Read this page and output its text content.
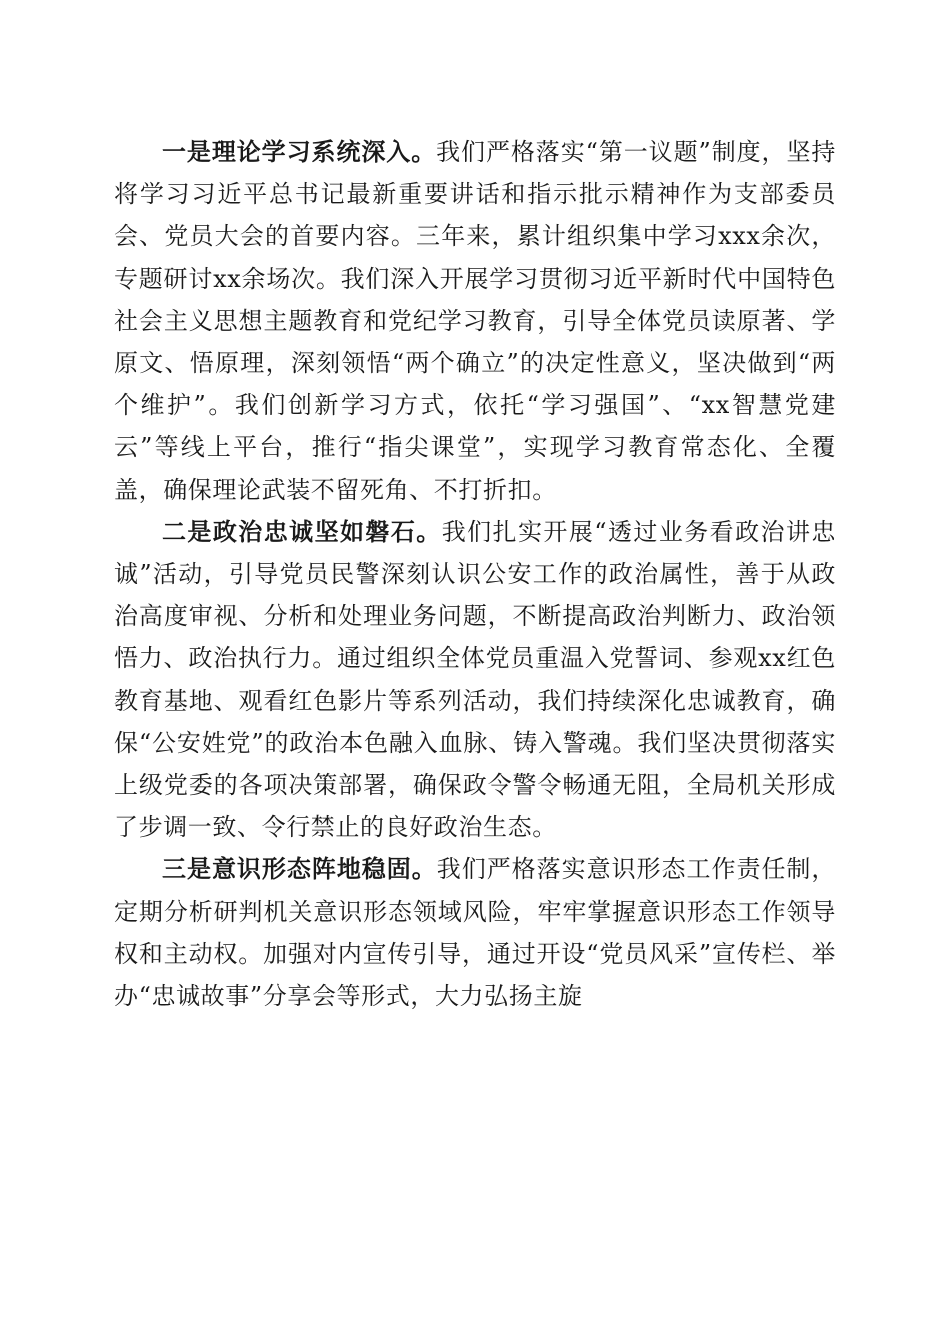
一是理论学习系统深入。我们严格落实“第一议题”制度，坚持将学习习近平总书记最新重要讲话和指示批示精神作为支部委员会、党员大会的首要内容。三年来，累计组织集中学习xxx余次，专题研讨xx余场次。我们深入开展学习贯彻习近平新时代中国特色社会主义思想主题教育和党纪学习教育，引导全体党员读原著、学原文、悟原理，深刻领悟“两个确立”的决定性意义，坚决做到“两个维护”。我们创新学习方式，依托“学习强国”、“xx智慧党建云”等线上平台，推行“指尖课堂”，实现学习教育常态化、全覆盖，确保理论武装不留死角、不打折扣。

二是政治忠诚坚如磐石。我们扎实开展“透过业务看政治讲忠诚”活动，引导党员民警深刻认识公安工作的政治属性，善于从政治高度审视、分析和处理业务问题，不断提高政治判断力、政治领悟力、政治执行力。通过组织全体党员重温入党誓词、参观xx红色教育基地、观看红色影片等系列活动，我们持续深化忠诚教育，确保“公安姓党”的政治本色融入血脉、铸入警魂。我们坚决贯彻落实上级党委的各项决策部署，确保政令警令畅通无阻，全局机关形成了步调一致、令行禁止的良好政治生态。

三是意识形态阵地稳固。我们严格落实意识形态工作责任制，定期分析研判机关意识形态领域风险，牢牢掌握意识形态工作领导权和主动权。加强对内宣传引导，通过开设“党员风采”宣传栏、举办“忠诚故事”分享会等形式，大力弘扬主旋
